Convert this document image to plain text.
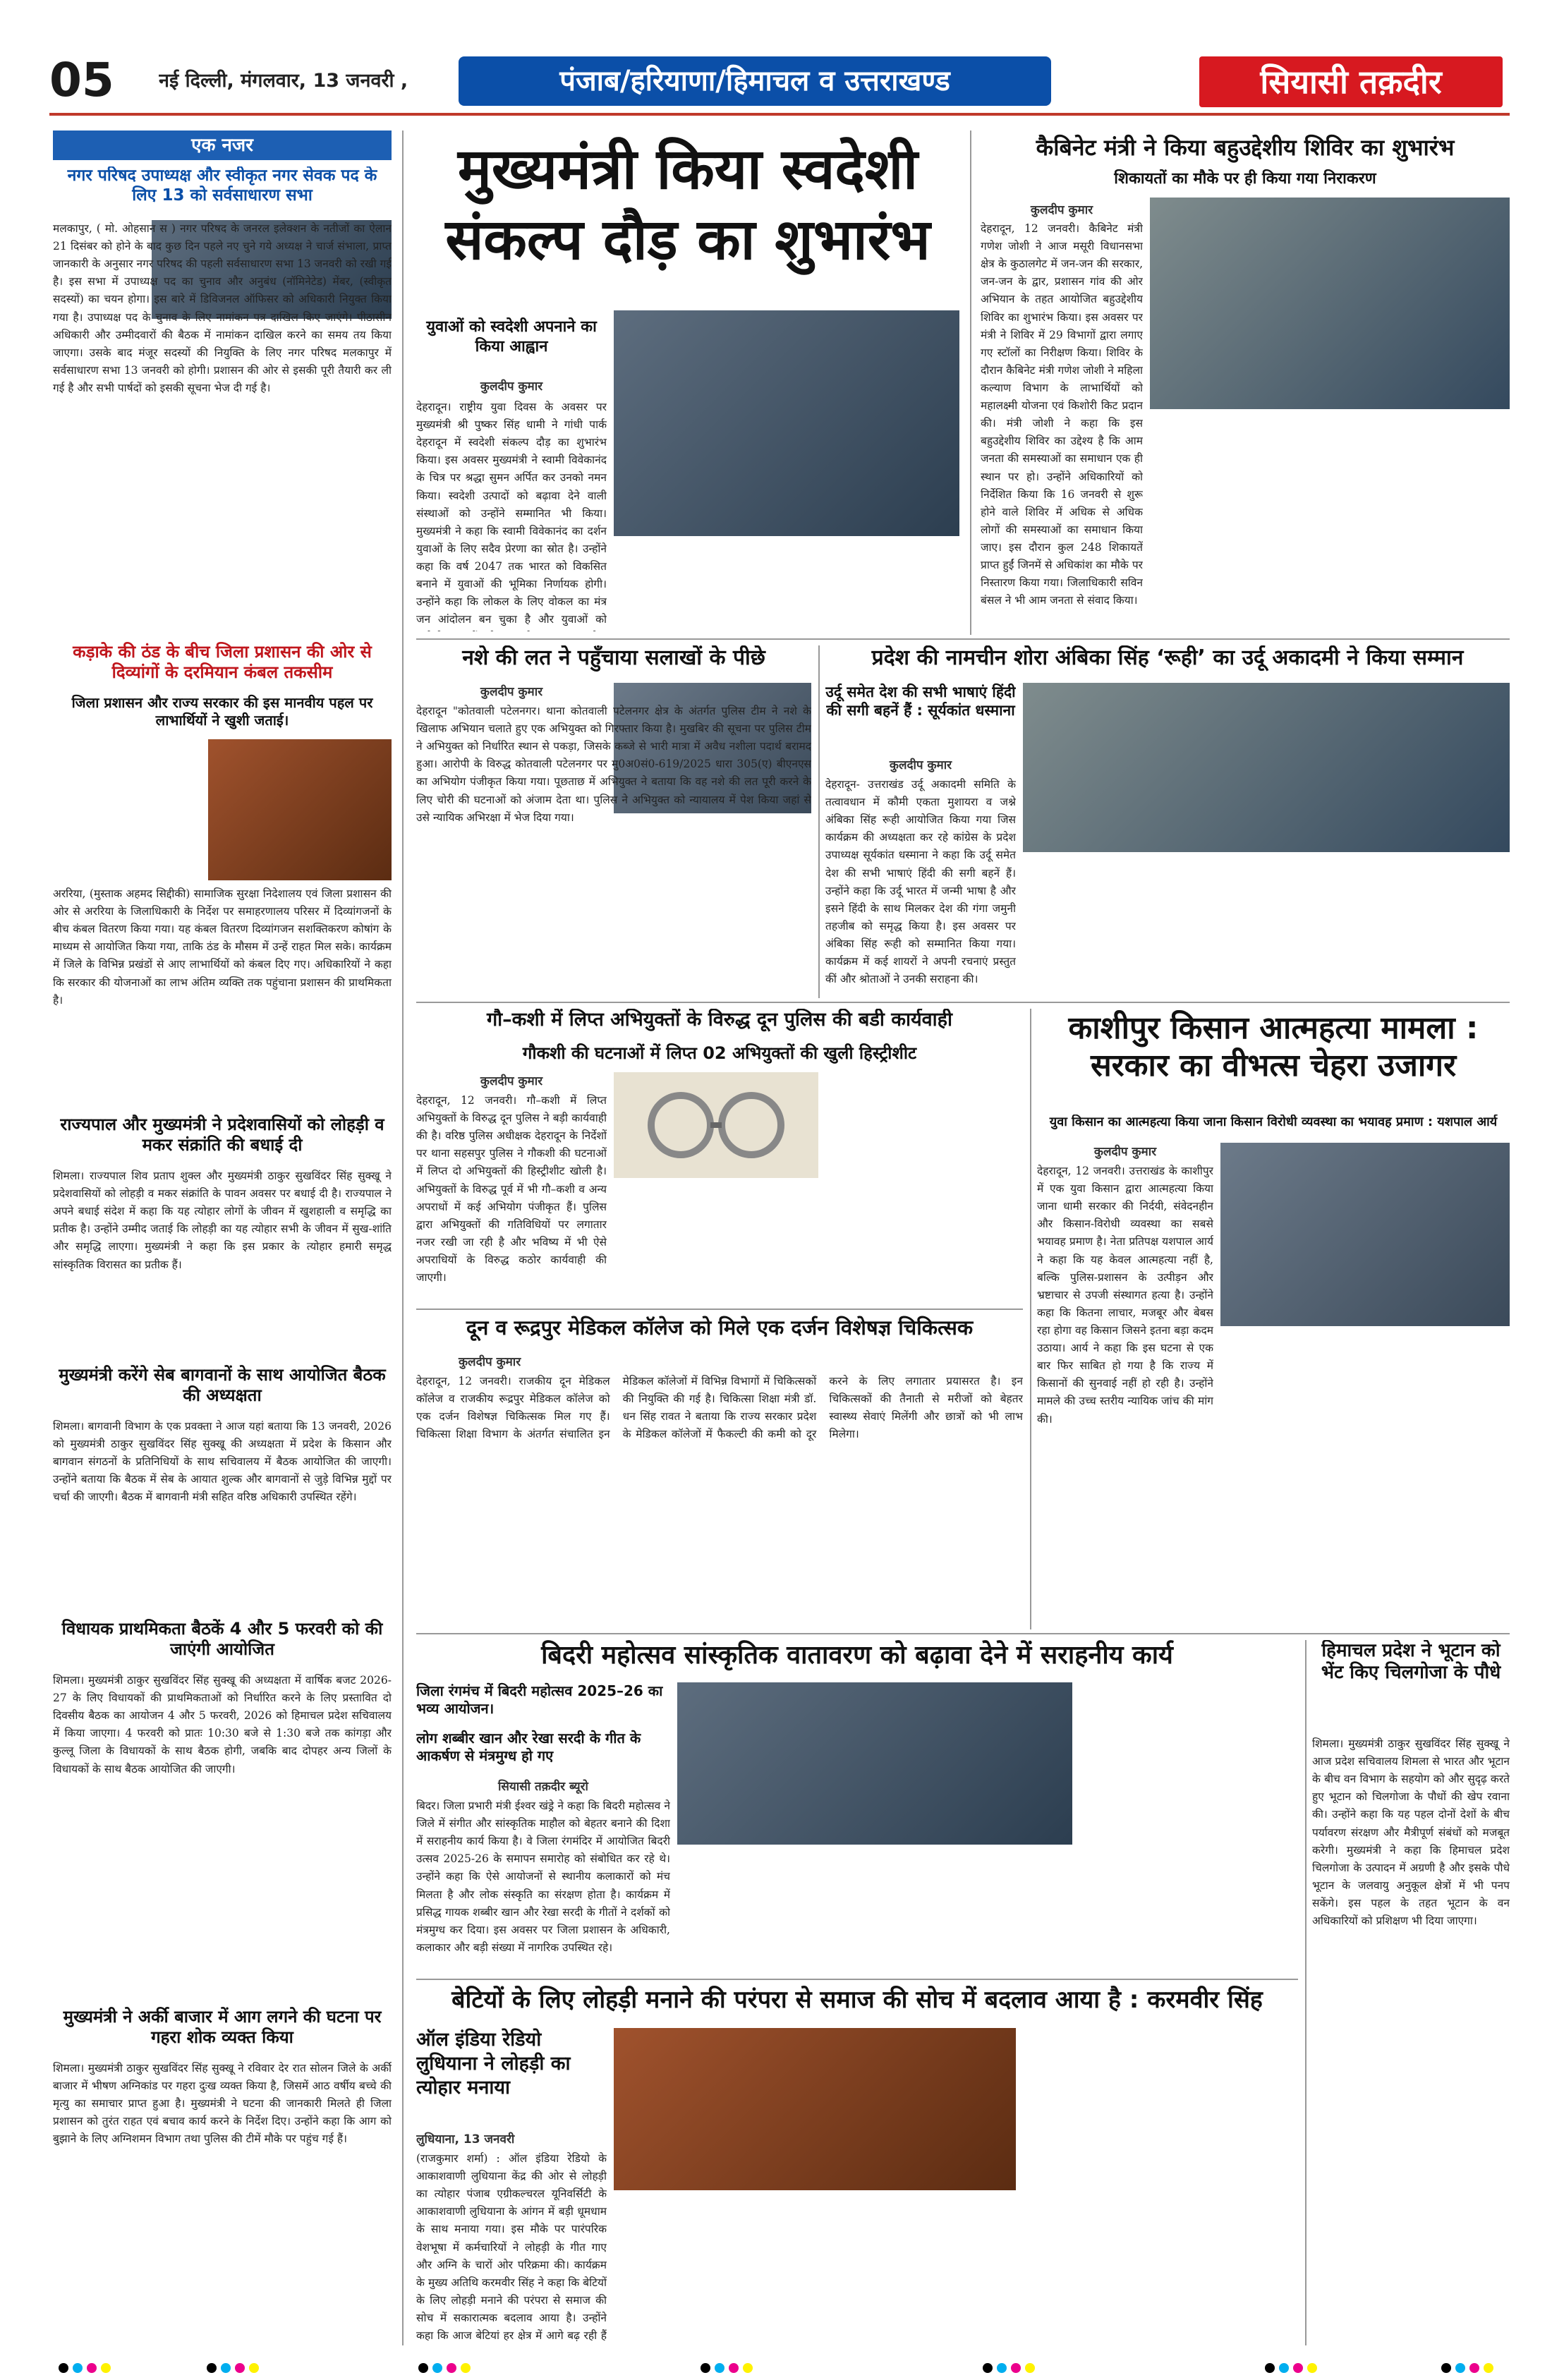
05	नई दिल्ली, मंगलवार, 13 जनवरी ,	पंजाब/हरियाणा/हिमाचल व उत्तराखण्ड	सियासी तक़दीर
एक नजर
नगर परिषद उपाध्यक्ष और स्वीकृत नगर सेवक पद के लिए 13 को सर्वसाधारण सभा
मलकापुर, ( मो. ओहसान स ) नगर परिषद के जनरल इलेक्शन के नतीजों का ऐलान 21 दिसंबर को होने के बाद कुछ दिन पहले नए चुने गये अध्यक्ष ने चार्ज संभाला, प्राप्त जानकारी के अनुसार नगर परिषद की पहली सर्वसाधारण सभा 13 जनवरी को रखी गई है। इस सभा में उपाध्यक्ष पद का चुनाव और अनुबंध (नॉमिनेटेड) मेंबर, (स्वीकृत सदस्यों) का चयन होगा। इस बारे में डिविजनल ऑफिसर को अधिकारी नियुक्त किया गया है। उपाध्यक्ष पद के चुनाव के लिए नामांकन पत्र दाखिल किए जाएंगे। पीठासीन अधिकारी और उम्मीदवारों की बैठक में नामांकन दाखिल करने का समय तय किया जाएगा। उसके बाद मंजूर सदस्यों की नियुक्ति के लिए नगर परिषद मलकापुर में सर्वसाधारण सभा 13 जनवरी को होगी। प्रशासन की ओर से इसकी पूरी तैयारी कर ली गई है और सभी पार्षदों को इसकी सूचना भेज दी गई है।
कड़ाके की ठंड के बीच जिला प्रशासन की ओर से दिव्यांगों के दरमियान कंबल तकसीम
जिला प्रशासन और राज्य सरकार की इस मानवीय पहल पर लाभार्थियों ने खुशी जताई।
अररिया, (मुस्ताक अहमद सिद्दीकी) सामाजिक सुरक्षा निदेशालय एवं जिला प्रशासन की ओर से अररिया के जिलाधिकारी के निर्देश पर समाहरणालय परिसर में दिव्यांगजनों के बीच कंबल वितरण किया गया। यह कंबल वितरण दिव्यांगजन सशक्तिकरण कोषांग के माध्यम से आयोजित किया गया, ताकि ठंड के मौसम में उन्हें राहत मिल सके। कार्यक्रम में जिले के विभिन्न प्रखंडों से आए लाभार्थियों को कंबल दिए गए। अधिकारियों ने कहा कि सरकार की योजनाओं का लाभ अंतिम व्यक्ति तक पहुंचाना प्रशासन की प्राथमिकता है।
राज्यपाल और मुख्यमंत्री ने प्रदेशवासियों को लोहड़ी व मकर संक्रांति की बधाई दी
शिमला। राज्यपाल शिव प्रताप शुक्ल और मुख्यमंत्री ठाकुर सुखविंदर सिंह सुक्खू ने प्रदेशवासियों को लोहड़ी व मकर संक्रांति के पावन अवसर पर बधाई दी है। राज्यपाल ने अपने बधाई संदेश में कहा कि यह त्योहार लोगों के जीवन में खुशहाली व समृद्धि का प्रतीक है। उन्होंने उम्मीद जताई कि लोहड़ी का यह त्योहार सभी के जीवन में सुख-शांति और समृद्धि लाएगा। मुख्यमंत्री ने कहा कि इस प्रकार के त्योहार हमारी समृद्ध सांस्कृतिक विरासत का प्रतीक हैं।
मुख्यमंत्री करेंगे सेब बागवानों के साथ आयोजित बैठक की अध्यक्षता
शिमला। बागवानी विभाग के एक प्रवक्ता ने आज यहां बताया कि 13 जनवरी, 2026 को मुख्यमंत्री ठाकुर सुखविंदर सिंह सुक्खू की अध्यक्षता में प्रदेश के किसान और बागवान संगठनों के प्रतिनिधियों के साथ सचिवालय में बैठक आयोजित की जाएगी। उन्होंने बताया कि बैठक में सेब के आयात शुल्क और बागवानों से जुड़े विभिन्न मुद्दों पर चर्चा की जाएगी। बैठक में बागवानी मंत्री सहित वरिष्ठ अधिकारी उपस्थित रहेंगे।
विधायक प्राथमिकता बैठकें 4 और 5 फरवरी को की जाएंगी आयोजित
शिमला। मुख्यमंत्री ठाकुर सुखविंदर सिंह सुक्खू की अध्यक्षता में वार्षिक बजट 2026-27 के लिए विधायकों की प्राथमिकताओं को निर्धारित करने के लिए प्रस्तावित दो दिवसीय बैठक का आयोजन 4 और 5 फरवरी, 2026 को हिमाचल प्रदेश सचिवालय में किया जाएगा। 4 फरवरी को प्रातः 10:30 बजे से 1:30 बजे तक कांगड़ा और कुल्लू जिला के विधायकों के साथ बैठक होगी, जबकि बाद दोपहर अन्य जिलों के विधायकों के साथ बैठक आयोजित की जाएगी।
मुख्यमंत्री ने अर्की बाजार में आग लगने की घटना पर गहरा शोक व्यक्त किया
शिमला। मुख्यमंत्री ठाकुर सुखविंदर सिंह सुक्खू ने रविवार देर रात सोलन जिले के अर्की बाजार में भीषण अग्निकांड पर गहरा दुःख व्यक्त किया है, जिसमें आठ वर्षीय बच्चे की मृत्यु का समाचार प्राप्त हुआ है। मुख्यमंत्री ने घटना की जानकारी मिलते ही जिला प्रशासन को तुरंत राहत एवं बचाव कार्य करने के निर्देश दिए। उन्होंने कहा कि आग को बुझाने के लिए अग्निशमन विभाग तथा पुलिस की टीमें मौके पर पहुंच गई हैं।
मुख्यमंत्री किया स्वदेशी संकल्प दौड़ का शुभारंभ
युवाओं को स्वदेशी अपनाने का किया आह्वान
कुलदीप कुमार
देहरादून। राष्ट्रीय युवा दिवस के अवसर पर मुख्यमंत्री श्री पुष्कर सिंह धामी ने गांधी पार्क देहरादून में स्वदेशी संकल्प दौड़ का शुभारंभ किया। इस अवसर मुख्यमंत्री ने स्वामी विवेकानंद के चित्र पर श्रद्धा सुमन अर्पित कर उनको नमन किया। स्वदेशी उत्पादों को बढ़ावा देने वाली संस्थाओं को उन्होंने सम्मानित भी किया। मुख्यमंत्री ने कहा कि स्वामी विवेकानंद का दर्शन युवाओं के लिए सदैव प्रेरणा का स्रोत है। उन्होंने कहा कि वर्ष 2047 तक भारत को विकसित बनाने में युवाओं की भूमिका निर्णायक होगी। उन्होंने कहा कि लोकल के लिए वोकल का मंत्र जन आंदोलन बन चुका है और युवाओं को
कैबिनेट मंत्री ने किया बहुउद्देशीय शिविर का शुभारंभ
शिकायतों का मौके पर ही किया गया निराकरण
कुलदीप कुमार
देहरादून, 12 जनवरी। कैबिनेट मंत्री गणेश जोशी ने आज मसूरी विधानसभा क्षेत्र के कुठालगेट में जन-जन की सरकार, जन-जन के द्वार, प्रशासन गांव की ओर अभियान के तहत आयोजित बहुउद्देशीय शिविर का शुभारंभ किया। इस अवसर पर मंत्री ने शिविर में 29 विभागों द्वारा लगाए गए स्टॉलों का निरीक्षण किया। शिविर के दौरान कैबिनेट मंत्री गणेश जोशी ने महिला कल्याण विभाग के लाभार्थियों को महालक्ष्मी योजना एवं किशोरी किट प्रदान की। मंत्री जोशी ने कहा कि इस बहुउद्देशीय शिविर का उद्देश्य है कि आम जनता की समस्याओं का समाधान एक ही स्थान पर हो। उन्होंने अधिकारियों को निर्देशित किया कि 16 जनवरी से शुरू होने वाले शिविर में अधिक से अधिक लोगों की समस्याओं का समाधान किया जाए। इस दौरान कुल 248 शिकायतें प्राप्त हुईं जिनमें से अधिकांश का मौके पर निस्तारण किया गया। जिलाधिकारी सविन बंसल ने भी आम जनता से संवाद किया।
नशे की लत ने पहुँचाया सलाखों के पीछे
कुलदीप कुमार
देहरादून "कोतवाली पटेलनगर। थाना कोतवाली पटेलनगर क्षेत्र के अंतर्गत पुलिस टीम ने नशे के खिलाफ अभियान चलाते हुए एक अभियुक्त को गिरफ्तार किया है। मुखबिर की सूचना पर पुलिस टीम ने अभियुक्त को निर्धारित स्थान से पकड़ा, जिसके कब्जे से भारी मात्रा में अवैध नशीला पदार्थ बरामद हुआ। आरोपी के विरुद्ध कोतवाली पटेलनगर पर मु0अ0सं0-619/2025 धारा 305(ए) बीएनएस का अभियोग पंजीकृत किया गया। पूछताछ में अभियुक्त ने बताया कि वह नशे की लत पूरी करने के लिए चोरी की घटनाओं को अंजाम देता था। पुलिस ने अभियुक्त को न्यायालय में पेश किया जहां से उसे न्यायिक अभिरक्षा में भेज दिया गया।
प्रदेश की नामचीन शोरा अंबिका सिंह ‘रूही’ का उर्दू अकादमी ने किया सम्मान
उर्दू समेत देश की सभी भाषाएं हिंदी की सगी बहनें हैं : सूर्यकांत धस्माना
कुलदीप कुमार
देहरादून- उत्तराखंड उर्दू अकादमी समिति के तत्वावधान में कौमी एकता मुशायरा व जश्ने अंबिका सिंह रूही आयोजित किया गया जिस कार्यक्रम की अध्यक्षता कर रहे कांग्रेस के प्रदेश उपाध्यक्ष सूर्यकांत धस्माना ने कहा कि उर्दू समेत देश की सभी भाषाएं हिंदी की सगी बहनें हैं। उन्होंने कहा कि उर्दू भारत में जन्मी भाषा है और इसने हिंदी के साथ मिलकर देश की गंगा जमुनी तहजीब को समृद्ध किया है। इस अवसर पर अंबिका सिंह रूही को सम्मानित किया गया। कार्यक्रम में कई शायरों ने अपनी रचनाएं प्रस्तुत कीं और श्रोताओं ने उनकी सराहना की।
गौ–कशी में लिप्त अभियुक्तों के विरुद्ध दून पुलिस की बडी कार्यवाही
गौकशी की घटनाओं में लिप्त 02 अभियुक्तों की खुली हिस्ट्रीशीट
कुलदीप कुमार
देहरादून, 12 जनवरी। गौ–कशी में लिप्त अभियुक्तों के विरुद्ध दून पुलिस ने बड़ी कार्यवाही की है। वरिष्ठ पुलिस अधीक्षक देहरादून के निर्देशों पर थाना सहसपुर पुलिस ने गौकशी की घटनाओं में लिप्त दो अभियुक्तों की हिस्ट्रीशीट खोली है। अभियुक्तों के विरुद्ध पूर्व में भी गौ–कशी व अन्य अपराधों में कई अभियोग पंजीकृत हैं। पुलिस द्वारा अभियुक्तों की गतिविधियों पर लगातार नजर रखी जा रही है और भविष्य में भी ऐसे अपराधियों के विरुद्ध कठोर कार्यवाही की जाएगी।
काशीपुर किसान आत्महत्या मामला : सरकार का वीभत्स चेहरा उजागर
युवा किसान का आत्महत्या किया जाना किसान विरोधी व्यवस्था का भयावह प्रमाण : यशपाल आर्य
कुलदीप कुमार
देहरादून, 12 जनवरी। उत्तराखंड के काशीपुर में एक युवा किसान द्वारा आत्महत्या किया जाना धामी सरकार की निर्दयी, संवेदनहीन और किसान-विरोधी व्यवस्था का सबसे भयावह प्रमाण है। नेता प्रतिपक्ष यशपाल आर्य ने कहा कि यह केवल आत्महत्या नहीं है, बल्कि पुलिस-प्रशासन के उत्पीड़न और भ्रष्टाचार से उपजी संस्थागत हत्या है। उन्होंने कहा कि कितना लाचार, मजबूर और बेबस रहा होगा वह किसान जिसने इतना बड़ा कदम उठाया। आर्य ने कहा कि इस घटना से एक बार फिर साबित हो गया है कि राज्य में किसानों की सुनवाई नहीं हो रही है। उन्होंने मामले की उच्च स्तरीय न्यायिक जांच की मांग की।
दून व रूद्रपुर मेडिकल कॉलेज को मिले एक दर्जन विशेषज्ञ चिकित्सक
कुलदीप कुमार
देहरादून, 12 जनवरी। राजकीय दून मेडिकल कॉलेज व राजकीय रूद्रपुर मेडिकल कॉलेज को एक दर्जन विशेषज्ञ चिकित्सक मिल गए हैं। चिकित्सा शिक्षा विभाग के अंतर्गत संचालित इन मेडिकल कॉलेजों में विभिन्न विभागों में चिकित्सकों की नियुक्ति की गई है। चिकित्सा शिक्षा मंत्री डॉ. धन सिंह रावत ने बताया कि राज्य सरकार प्रदेश के मेडिकल कॉलेजों में फैकल्टी की कमी को दूर करने के लिए लगातार प्रयासरत है। इन चिकित्सकों की तैनाती से मरीजों को बेहतर स्वास्थ्य सेवाएं मिलेंगी और छात्रों को भी लाभ मिलेगा।
बिदरी महोत्सव सांस्कृतिक वातावरण को बढ़ावा देने में सराहनीय कार्य
जिला रंगमंच में बिदरी महोत्सव 2025–26 का भव्य आयोजन।
लोग शब्बीर खान और रेखा सरदी के गीत के आकर्षण से मंत्रमुग्ध हो गए
सियासी तक़दीर ब्यूरो
बिदर। जिला प्रभारी मंत्री ईश्वर खंड्रे ने कहा कि बिदरी महोत्सव ने जिले में संगीत और सांस्कृतिक माहौल को बेहतर बनाने की दिशा में सराहनीय कार्य किया है। वे जिला रंगमंदिर में आयोजित बिदरी उत्सव 2025-26 के समापन समारोह को संबोधित कर रहे थे। उन्होंने कहा कि ऐसे आयोजनों से स्थानीय कलाकारों को मंच मिलता है और लोक संस्कृति का संरक्षण होता है। कार्यक्रम में प्रसिद्ध गायक शब्बीर खान और रेखा सरदी के गीतों ने दर्शकों को मंत्रमुग्ध कर दिया। इस अवसर पर जिला प्रशासन के अधिकारी, कलाकार और बड़ी संख्या में नागरिक उपस्थित रहे।
हिमाचल प्रदेश ने भूटान को भेंट किए चिलगोजा के पौधे
शिमला। मुख्यमंत्री ठाकुर सुखविंदर सिंह सुक्खू ने आज प्रदेश सचिवालय शिमला से भारत और भूटान के बीच वन विभाग के सहयोग को और सुदृढ़ करते हुए भूटान को चिलगोजा के पौधों की खेप रवाना की। उन्होंने कहा कि यह पहल दोनों देशों के बीच पर्यावरण संरक्षण और मैत्रीपूर्ण संबंधों को मजबूत करेगी। मुख्यमंत्री ने कहा कि हिमाचल प्रदेश चिलगोजा के उत्पादन में अग्रणी है और इसके पौधे भूटान के जलवायु अनुकूल क्षेत्रों में भी पनप सकेंगे। इस पहल के तहत भूटान के वन अधिकारियों को प्रशिक्षण भी दिया जाएगा।
बेटियों के लिए लोहड़ी मनाने की परंपरा से समाज की सोच में बदलाव आया है : करमवीर सिंह
ऑल इंडिया रेडियो लुधियाना ने लोहड़ी का त्योहार मनाया
लुधियाना, 13 जनवरी
(राजकुमार शर्मा) : ऑल इंडिया रेडियो के आकाशवाणी लुधियाना केंद्र की ओर से लोहड़ी का त्योहार पंजाब एग्रीकल्चरल यूनिवर्सिटी के आकाशवाणी लुधियाना के आंगन में बड़ी धूमधाम के साथ मनाया गया। इस मौके पर पारंपरिक वेशभूषा में कर्मचारियों ने लोहड़ी के गीत गाए और अग्नि के चारों ओर परिक्रमा की। कार्यक्रम के मुख्य अतिथि करमवीर सिंह ने कहा कि बेटियों के लिए लोहड़ी मनाने की परंपरा से समाज की सोच में सकारात्मक बदलाव आया है। उन्होंने कहा कि आज बेटियां हर क्षेत्र में आगे बढ़ रही हैं
